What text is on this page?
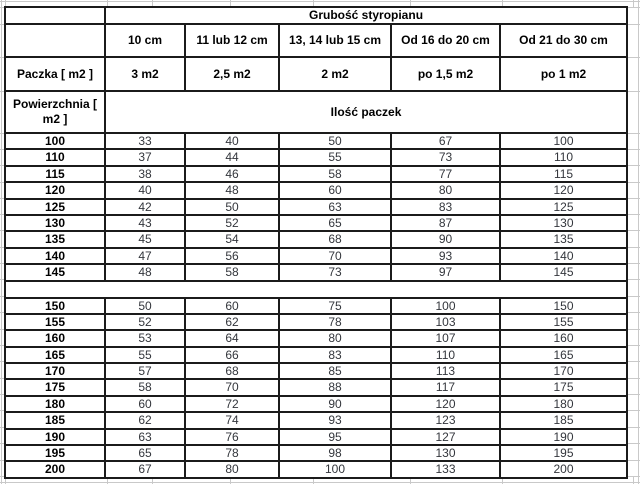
	Grubość styropianu				
	10 cm	11 lub 12 cm	13, 14 lub 15 cm	Od 16 do 20 cm	Od 21 do 30 cm
Paczka [ m2 ]	3 m2	2,5 m2	2 m2	po 1,5 m2	po 1 m2
Powierzchnia [ m2 ]	Ilość paczek				
100	33	40	50	67	100
110	37	44	55	73	110
115	38	46	58	77	115
120	40	48	60	80	120
125	42	50	63	83	125
130	43	52	65	87	130
135	45	54	68	90	135
140	47	56	70	93	140
145	48	58	73	97	145

150	50	60	75	100	150
155	52	62	78	103	155
160	53	64	80	107	160
165	55	66	83	110	165
170	57	68	85	113	170
175	58	70	88	117	175
180	60	72	90	120	180
185	62	74	93	123	185
190	63	76	95	127	190
195	65	78	98	130	195
200	67	80	100	133	200
